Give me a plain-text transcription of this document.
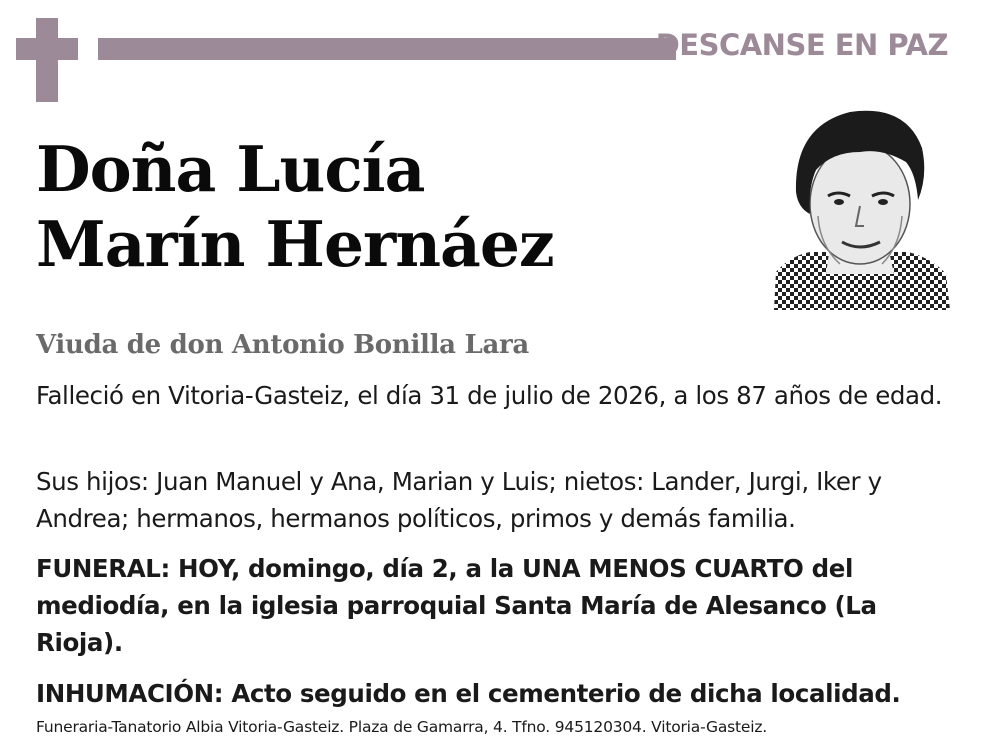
DESCANSE EN PAZ
Doña Lucía
Marín Hernáez
Viuda de don Antonio Bonilla Lara
Falleció en Vitoria-Gasteiz, el día 31 de julio de 2026, a los 87 años de edad.
Sus hijos: Juan Manuel y Ana, Marian y Luis; nietos: Lander, Jurgi, Iker y Andrea; hermanos, hermanos políticos, primos y demás familia.
FUNERAL: HOY, domingo, día 2, a la UNA MENOS CUARTO del mediodía, en la iglesia parroquial Santa María de Alesanco (La Rioja).
INHUMACIÓN: Acto seguido en el cementerio de dicha localidad.
Funeraria-Tanatorio Albia Vitoria-Gasteiz. Plaza de Gamarra, 4. Tfno. 945120304. Vitoria-Gasteiz.
